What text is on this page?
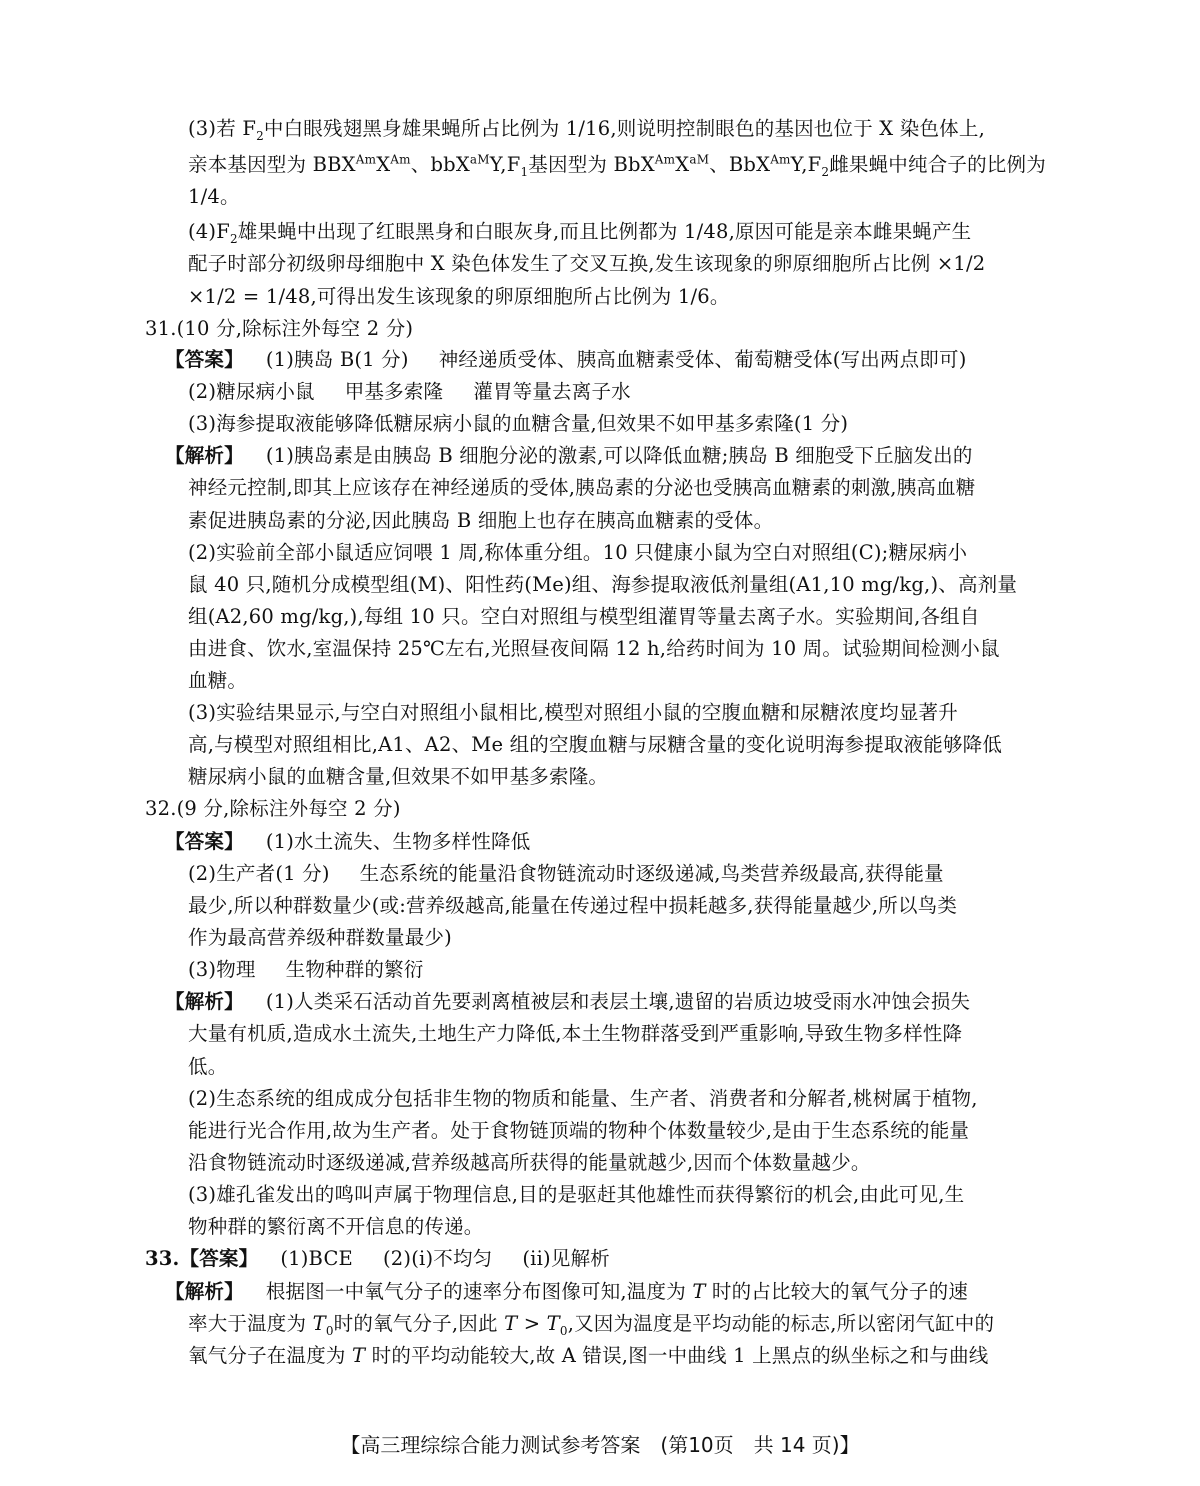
(3)若 $F_2$中白眼残翅黑身雄果蝇所占比例为 1/16,则说明控制眼色的基因也位于 X 染色体上,
亲本基因型为 $BBX^{Am}X^{Am}$、$bbX^{aM}Y,F_1$基因型为 $BbX^{Am}X^{aM}$、$BbX^{Am}Y,F_2$雌果蝇中纯合子的比例为
1/4。
$(4)F_2$雄果蝇中出现了红眼黑身和白眼灰身,而且比例都为 1/48,原因可能是亲本雌果蝇产生
配子时部分初级卵母细胞中 X 染色体发生了交叉互换,发生该现象的卵原细胞所占比例 ×1/2
×1/2 = 1/48,可得出发生该现象的卵原细胞所占比例为 1/6。
31.(10 分,除标注外每空 2 分)
【答案】 (1)胰岛 B(1 分) 神经递质受体、胰高血糖素受体、葡萄糖受体(写出两点即可)
(2)糖尿病小鼠 甲基多索隆 灌胃等量去离子水
(3)海参提取液能够降低糖尿病小鼠的血糖含量,但效果不如甲基多索隆(1 分)
【解析】 (1)胰岛素是由胰岛 B 细胞分泌的激素,可以降低血糖;胰岛 B 细胞受下丘脑发出的
神经元控制,即其上应该存在神经递质的受体,胰岛素的分泌也受胰高血糖素的刺激,胰高血糖
素促进胰岛素的分泌,因此胰岛 B 细胞上也存在胰高血糖素的受体。
(2)实验前全部小鼠适应饲喂 1 周,称体重分组。10 只健康小鼠为空白对照组(C);糖尿病小
鼠 40 只,随机分成模型组(M)、阳性药(Me)组、海参提取液低剂量组(A1,10 mg/kg,)、高剂量
组(A2,60 mg/kg,),每组 10 只。空白对照组与模型组灌胃等量去离子水。实验期间,各组自
由进食、饮水,室温保持 25℃左右,光照昼夜间隔 12 h,给药时间为 10 周。试验期间检测小鼠
血糖。
(3)实验结果显示,与空白对照组小鼠相比,模型对照组小鼠的空腹血糖和尿糖浓度均显著升
高,与模型对照组相比,A1、A2、Me 组的空腹血糖与尿糖含量的变化说明海参提取液能够降低
糖尿病小鼠的血糖含量,但效果不如甲基多索隆。
32.(9 分,除标注外每空 2 分)
【答案】 (1)水土流失、生物多样性降低
(2)生产者(1 分) 生态系统的能量沿食物链流动时逐级递减,鸟类营养级最高,获得能量
最少,所以种群数量少(或:营养级越高,能量在传递过程中损耗越多,获得能量越少,所以鸟类
作为最高营养级种群数量最少)
(3)物理 生物种群的繁衍
【解析】 (1)人类采石活动首先要剥离植被层和表层土壤,遗留的岩质边坡受雨水冲蚀会损失
大量有机质,造成水土流失,土地生产力降低,本土生物群落受到严重影响,导致生物多样性降
低。
(2)生态系统的组成成分包括非生物的物质和能量、生产者、消费者和分解者,桃树属于植物,
能进行光合作用,故为生产者。处于食物链顶端的物种个体数量较少,是由于生态系统的能量
沿食物链流动时逐级递减,营养级越高所获得的能量就越少,因而个体数量越少。
(3)雄孔雀发出的鸣叫声属于物理信息,目的是驱赶其他雄性而获得繁衍的机会,由此可见,生
物种群的繁衍离不开信息的传递。
33.【答案】 (1)BCE (2)(i)不均匀 (ii)见解析
【解析】 根据图一中氧气分子的速率分布图像可知,温度为 T 时的占比较大的氧气分子的速
率大于温度为 $T_0$时的氧气分子,因此 $T > T_0$,又因为温度是平均动能的标志,所以密闭气缸中的
氧气分子在温度为 T 时的平均动能较大,故 A 错误,图一中曲线 1 上黑点的纵坐标之和与曲线
【高三理综综合能力测试参考答案　(第10页　共 14 页)】
